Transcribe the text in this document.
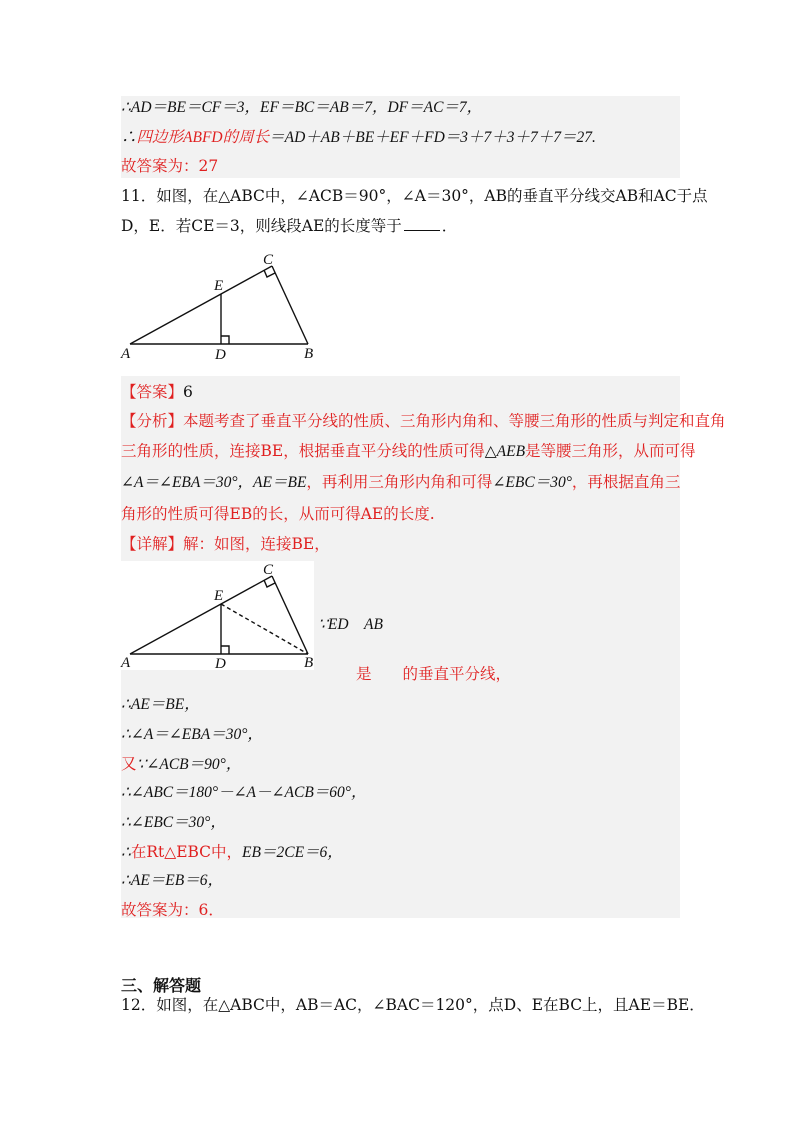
∴AD＝BE＝CF＝3，EF＝BC＝AB＝7，DF＝AC＝7，
∴四边形ABFD的周长＝AD＋AB＋BE＋EF＋FD＝3＋7＋3＋7＋7＝27.
故答案为：27
11．如图，在△ABC中，∠ACB＝90°，∠A＝30°，AB的垂直平分线交AB和AC于点
D，E．若CE＝3，则线段AE的长度等于	．
A	B
C
D
E
【答案】6
【分析】本题考查了垂直平分线的性质、三角形内角和、等腰三角形的性质与判定和直角
三角形的性质，连接BE，根据垂直平分线的性质可得△AEB是等腰三角形，从而可得
∠A＝∠EBA＝30°，AE＝BE，再利用三角形内角和可得∠EBC＝30°，再根据直角三
角形的性质可得EB的长，从而可得AE的长度.
【详解】解：如图，连接BE，
A	B
C
D
E
∵ED　AB
是　　的垂直平分线，
∴AE＝BE，
∴∠A＝∠EBA＝30°，
又∵∠ACB＝90°，
∴∠ABC＝180°－∠A－∠ACB＝60°，
∴∠EBC＝30°，
∴在Rt△EBC中，EB＝2CE＝6，
∴AE＝EB＝6，
故答案为：6．
三、解答题
12．如图，在△ABC中，AB＝AC，∠BAC＝120°，点D、E在BC上，且AE＝BE．
